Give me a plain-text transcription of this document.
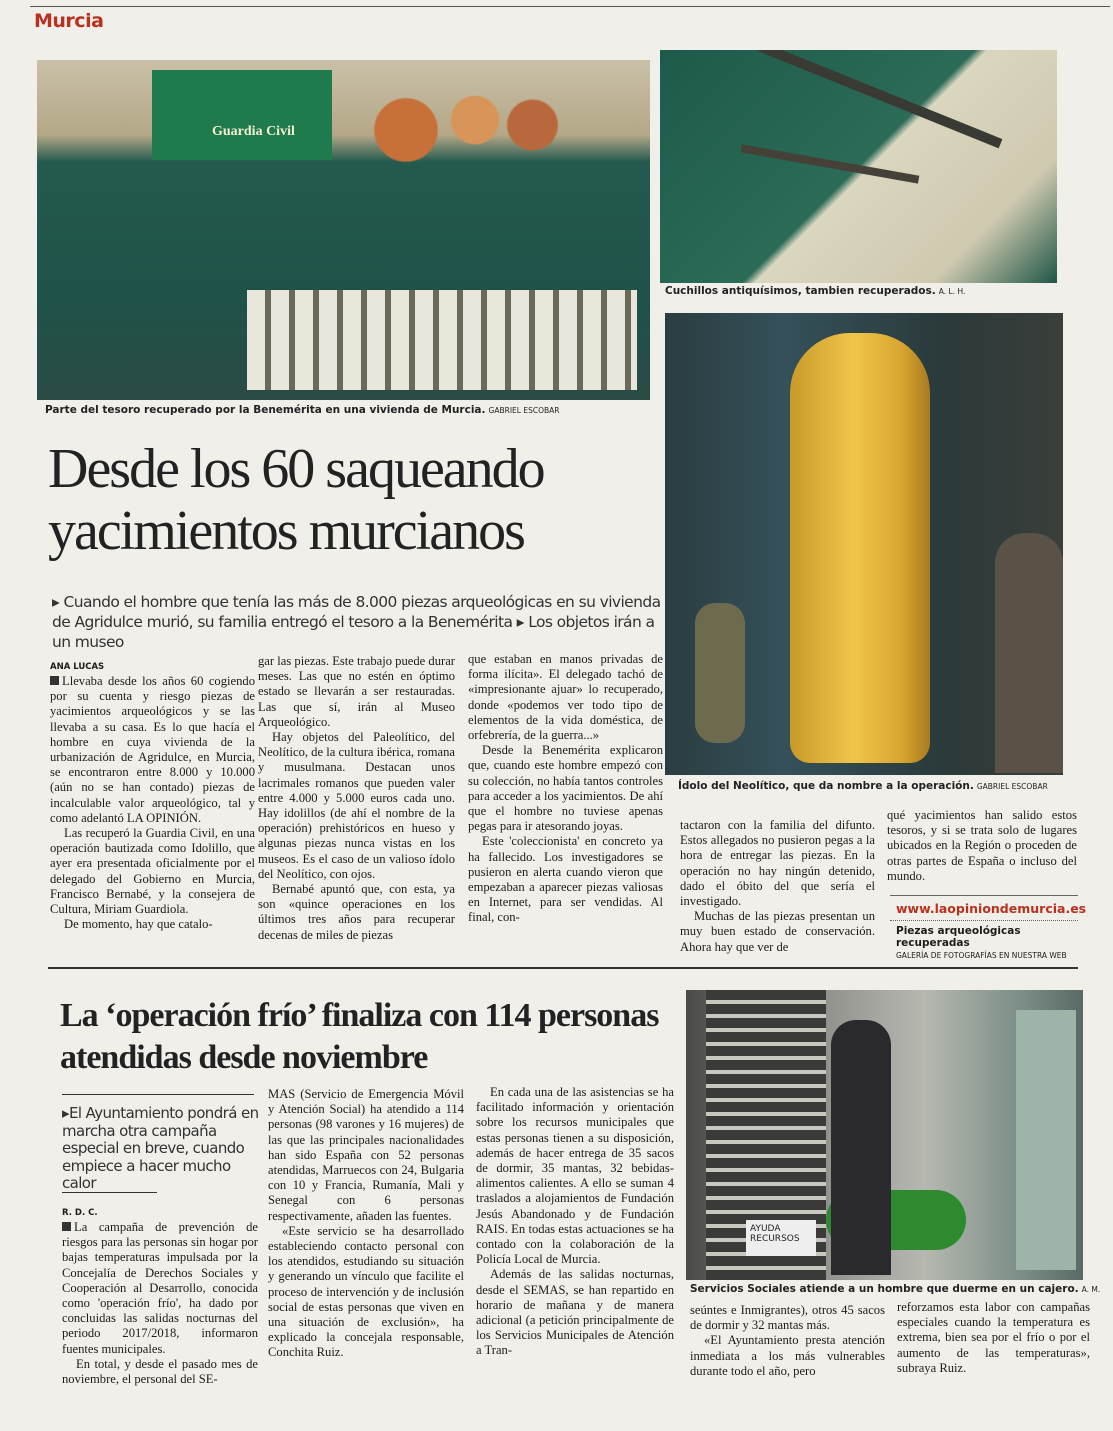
Murcia
Guardia Civil
Parte del tesoro recuperado por la Benemérita en una vivienda de Murcia. GABRIEL ESCOBAR
Cuchillos antiquísimos, tambien recuperados. A. L. H.
Ídolo del Neolítico, que da nombre a la operación. GABRIEL ESCOBAR
Desde los 60 saqueando yacimientos murcianos
▸ Cuando el hombre que tenía las más de 8.000 piezas arqueológicas en su vivienda de Agridulce murió, su familia entregó el tesoro a la Benemérita ▸ Los objetos irán a un museo
ANA LUCAS

Llevaba desde los años 60 cogiendo por su cuenta y riesgo piezas de yacimientos arqueológicos y se las llevaba a su casa. Es lo que hacía el hombre en cuya vivienda de la urbanización de Agridulce, en Murcia, se encontraron entre 8.000 y 10.000 (aún no se han contado) piezas de incalculable valor arqueológico, tal y como adelantó LA OPINIÓN.

Las recuperó la Guardia Civil, en una operación bautizada como Idolillo, que ayer era presentada oficialmente por el delegado del Gobierno en Murcia, Francisco Bernabé, y la consejera de Cultura, Miriam Guardiola.

De momento, hay que catalo-

gar las piezas. Este trabajo puede durar meses. Las que no estén en óptimo estado se llevarán a ser restauradas. Las que sí, irán al Museo Arqueológico.

Hay objetos del Paleolítico, del Neolítico, de la cultura ibérica, romana y musulmana. Destacan unos lacrimales romanos que pueden valer entre 4.000 y 5.000 euros cada uno. Hay idolillos (de ahí el nombre de la operación) prehistóricos en hueso y algunas piezas nunca vistas en los museos. Es el caso de un valioso ídolo del Neolítico, con ojos.

Bernabé apuntó que, con esta, ya son «quince operaciones en los últimos tres años para recuperar decenas de miles de piezas

que estaban en manos privadas de forma ilícita». El delegado tachó de «impresionante ajuar» lo recuperado, donde «podemos ver todo tipo de elementos de la vida doméstica, de orfebrería, de la guerra...»

Desde la Benemérita explicaron que, cuando este hombre empezó con su colección, no había tantos controles para acceder a los yacimientos. De ahí que el hombre no tuviese apenas pegas para ir atesorando joyas.

Este 'coleccionista' en concreto ya ha fallecido. Los investigadores se pusieron en alerta cuando vieron que empezaban a aparecer piezas valiosas en Internet, para ser vendidas. Al final, con-

tactaron con la familia del difunto. Estos allegados no pusieron pegas a la hora de entregar las piezas. En la operación no hay ningún detenido, dado el óbito del que sería el investigado.

Muchas de las piezas presentan un muy buen estado de conservación. Ahora hay que ver de

qué yacimientos han salido estos tesoros, y si se trata solo de lugares ubicados en la Región o proceden de otras partes de España o incluso del mundo.

www.laopiniondemurcia.es
Piezas arqueológicas recuperadas
GALERÍA DE FOTOGRAFÍAS EN NUESTRA WEB
La ‘operación frío’ finaliza con 114 personas atendidas desde noviembre
▸El Ayuntamiento pondrá en marcha otra campaña especial en breve, cuando empiece a hacer mucho calor
R. D. C.

La campaña de prevención de riesgos para las personas sin hogar por bajas temperaturas impulsada por la Concejalía de Derechos Sociales y Cooperación al Desarrollo, conocida como 'operación frío', ha dado por concluidas las salidas nocturnas del periodo 2017/2018, informaron fuentes municipales.

En total, y desde el pasado mes de noviembre, el personal del SE-

MAS (Servicio de Emergencia Móvil y Atención Social) ha atendido a 114 personas (98 varones y 16 mujeres) de las que las principales nacionalidades han sido España con 52 personas atendidas, Marruecos con 24, Bulgaria con 10 y Francia, Rumanía, Mali y Senegal con 6 personas respectivamente, añaden las fuentes.

«Este servicio se ha desarrollado estableciendo contacto personal con los atendidos, estudiando su situación y generando un vínculo que facilite el proceso de intervención y de inclusión social de estas personas que viven en una situación de exclusión», ha explicado la concejala responsable, Conchita Ruiz.

En cada una de las asistencias se ha facilitado información y orientación sobre los recursos municipales que estas personas tienen a su disposición, además de hacer entrega de 35 sacos de dormir, 35 mantas, 32 bebidas-alimentos calientes. A ello se suman 4 traslados a alojamientos de Fundación Jesús Abandonado y de Fundación RAIS. En todas estas actuaciones se ha contado con la colaboración de la Policía Local de Murcia.

Además de las salidas nocturnas, desde el SEMAS, se han repartido en horario de mañana y de manera adicional (a petición principalmente de los Servicios Municipales de Atención a Tran-

AYUDA RECURSOS
Servicios Sociales atiende a un hombre que duerme en un cajero. A. M.

seúntes e Inmigrantes), otros 45 sacos de dormir y 32 mantas más.

«El Ayuntamiento presta atención inmediata a los más vulnerables durante todo el año, pero

reforzamos esta labor con campañas especiales cuando la temperatura es extrema, bien sea por el frío o por el aumento de las temperaturas», subraya Ruiz.
